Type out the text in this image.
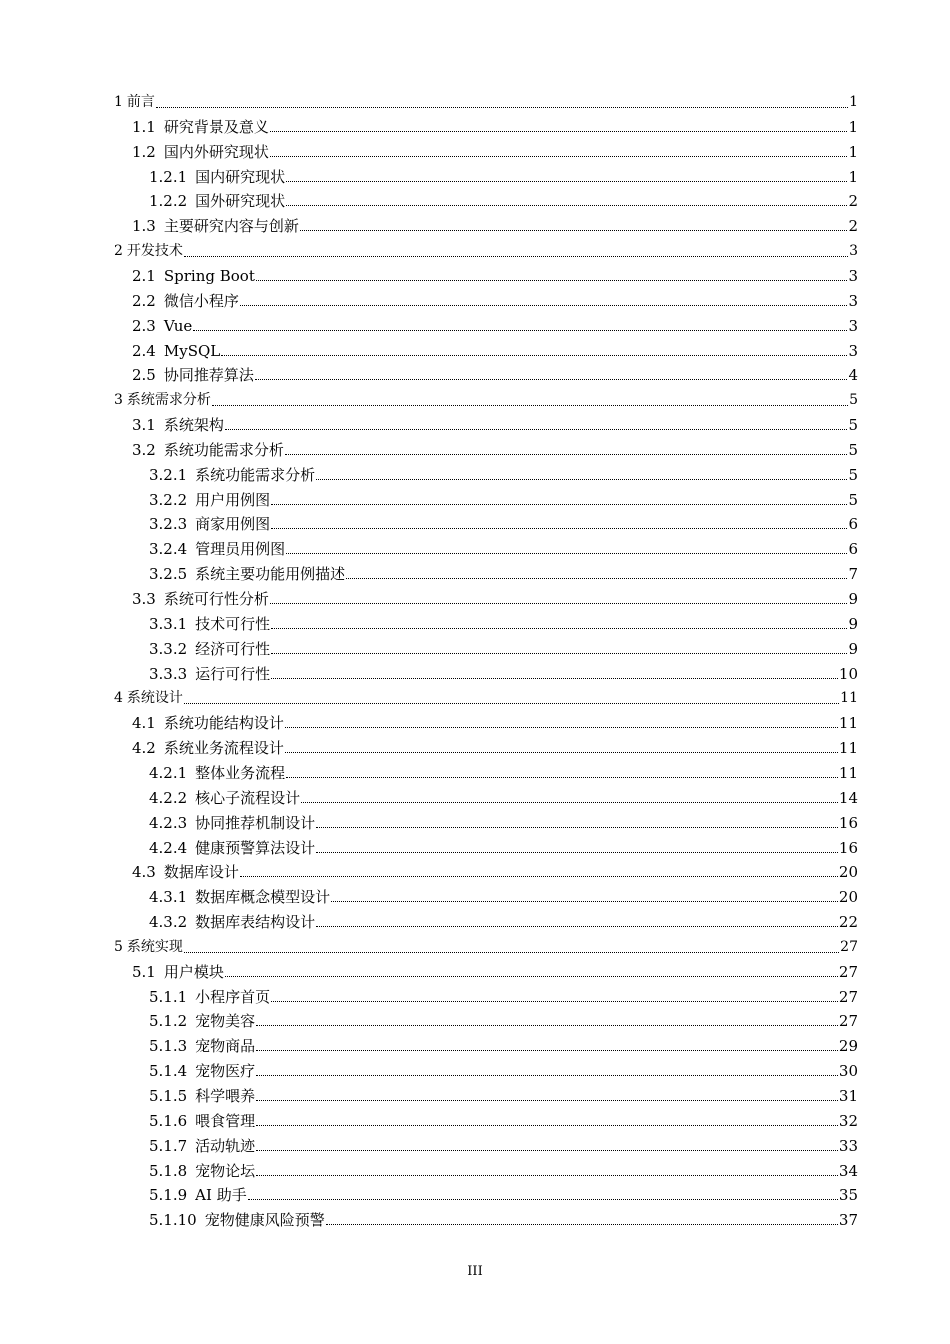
1 前言	1
1.1 研究背景及意义	1
1.2 国内外研究现状	1
1.2.1 国内研究现状	1
1.2.2 国外研究现状	2
1.3 主要研究内容与创新	2
2 开发技术	3
2.1 Spring Boot	3
2.2 微信小程序	3
2.3 Vue	3
2.4 MySQL	3
2.5 协同推荐算法	4
3 系统需求分析	5
3.1 系统架构	5
3.2 系统功能需求分析	5
3.2.1 系统功能需求分析	5
3.2.2 用户用例图	5
3.2.3 商家用例图	6
3.2.4 管理员用例图	6
3.2.5 系统主要功能用例描述	7
3.3 系统可行性分析	9
3.3.1 技术可行性	9
3.3.2 经济可行性	9
3.3.3 运行可行性	10
4 系统设计	11
4.1 系统功能结构设计	11
4.2 系统业务流程设计	11
4.2.1 整体业务流程	11
4.2.2 核心子流程设计	14
4.2.3 协同推荐机制设计	16
4.2.4 健康预警算法设计	16
4.3 数据库设计	20
4.3.1 数据库概念模型设计	20
4.3.2 数据库表结构设计	22
5 系统实现	27
5.1 用户模块	27
5.1.1 小程序首页	27
5.1.2 宠物美容	27
5.1.3 宠物商品	29
5.1.4 宠物医疗	30
5.1.5 科学喂养	31
5.1.6 喂食管理	32
5.1.7 活动轨迹	33
5.1.8 宠物论坛	34
5.1.9 AI 助手	35
5.1.10 宠物健康风险预警	37
III
